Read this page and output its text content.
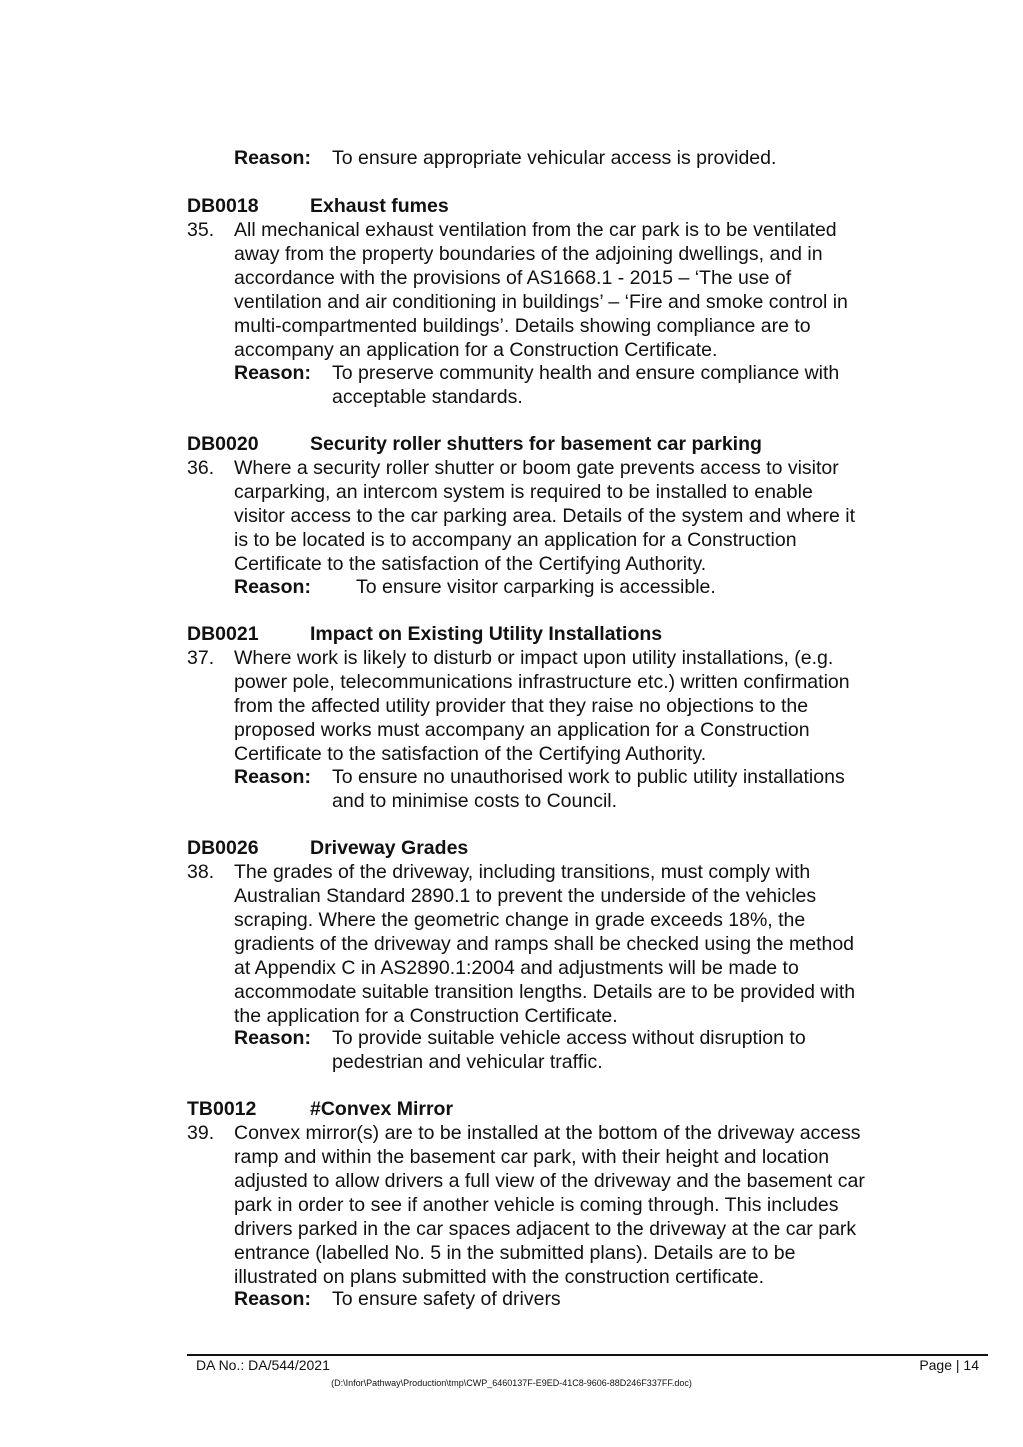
Reason: To ensure appropriate vehicular access is provided.
DB0018	Exhaust fumes
35. All mechanical exhaust ventilation from the car park is to be ventilated
away from the property boundaries of the adjoining dwellings, and in
accordance with the provisions of AS1668.1 - 2015 – ‘The use of
ventilation and air conditioning in buildings’ – ‘Fire and smoke control in
multi-compartmented buildings’. Details showing compliance are to
accompany an application for a Construction Certificate.
Reason: To preserve community health and ensure compliance with
acceptable standards.
DB0020	Security roller shutters for basement car parking
36. Where a security roller shutter or boom gate prevents access to visitor
carparking, an intercom system is required to be installed to enable
visitor access to the car parking area. Details of the system and where it
is to be located is to accompany an application for a Construction
Certificate to the satisfaction of the Certifying Authority.
Reason: To ensure visitor carparking is accessible.
DB0021	Impact on Existing Utility Installations
37. Where work is likely to disturb or impact upon utility installations, (e.g.
power pole, telecommunications infrastructure etc.) written confirmation
from the affected utility provider that they raise no objections to the
proposed works must accompany an application for a Construction
Certificate to the satisfaction of the Certifying Authority.
Reason: To ensure no unauthorised work to public utility installations
and to minimise costs to Council.
DB0026	Driveway Grades
38. The grades of the driveway, including transitions, must comply with
Australian Standard 2890.1 to prevent the underside of the vehicles
scraping. Where the geometric change in grade exceeds 18%, the
gradients of the driveway and ramps shall be checked using the method
at Appendix C in AS2890.1:2004 and adjustments will be made to
accommodate suitable transition lengths. Details are to be provided with
the application for a Construction Certificate.
Reason: To provide suitable vehicle access without disruption to
pedestrian and vehicular traffic.
TB0012	#Convex Mirror
39. Convex mirror(s) are to be installed at the bottom of the driveway access
ramp and within the basement car park, with their height and location
adjusted to allow drivers a full view of the driveway and the basement car
park in order to see if another vehicle is coming through. This includes
drivers parked in the car spaces adjacent to the driveway at the car park
entrance (labelled No. 5 in the submitted plans). Details are to be
illustrated on plans submitted with the construction certificate.
Reason: To ensure safety of drivers
DA No.: DA/544/2021	Page | 14
(D:\Infor\Pathway\Production\tmp\CWP_6460137F-E9ED-41C8-9606-88D246F337FF.doc)
